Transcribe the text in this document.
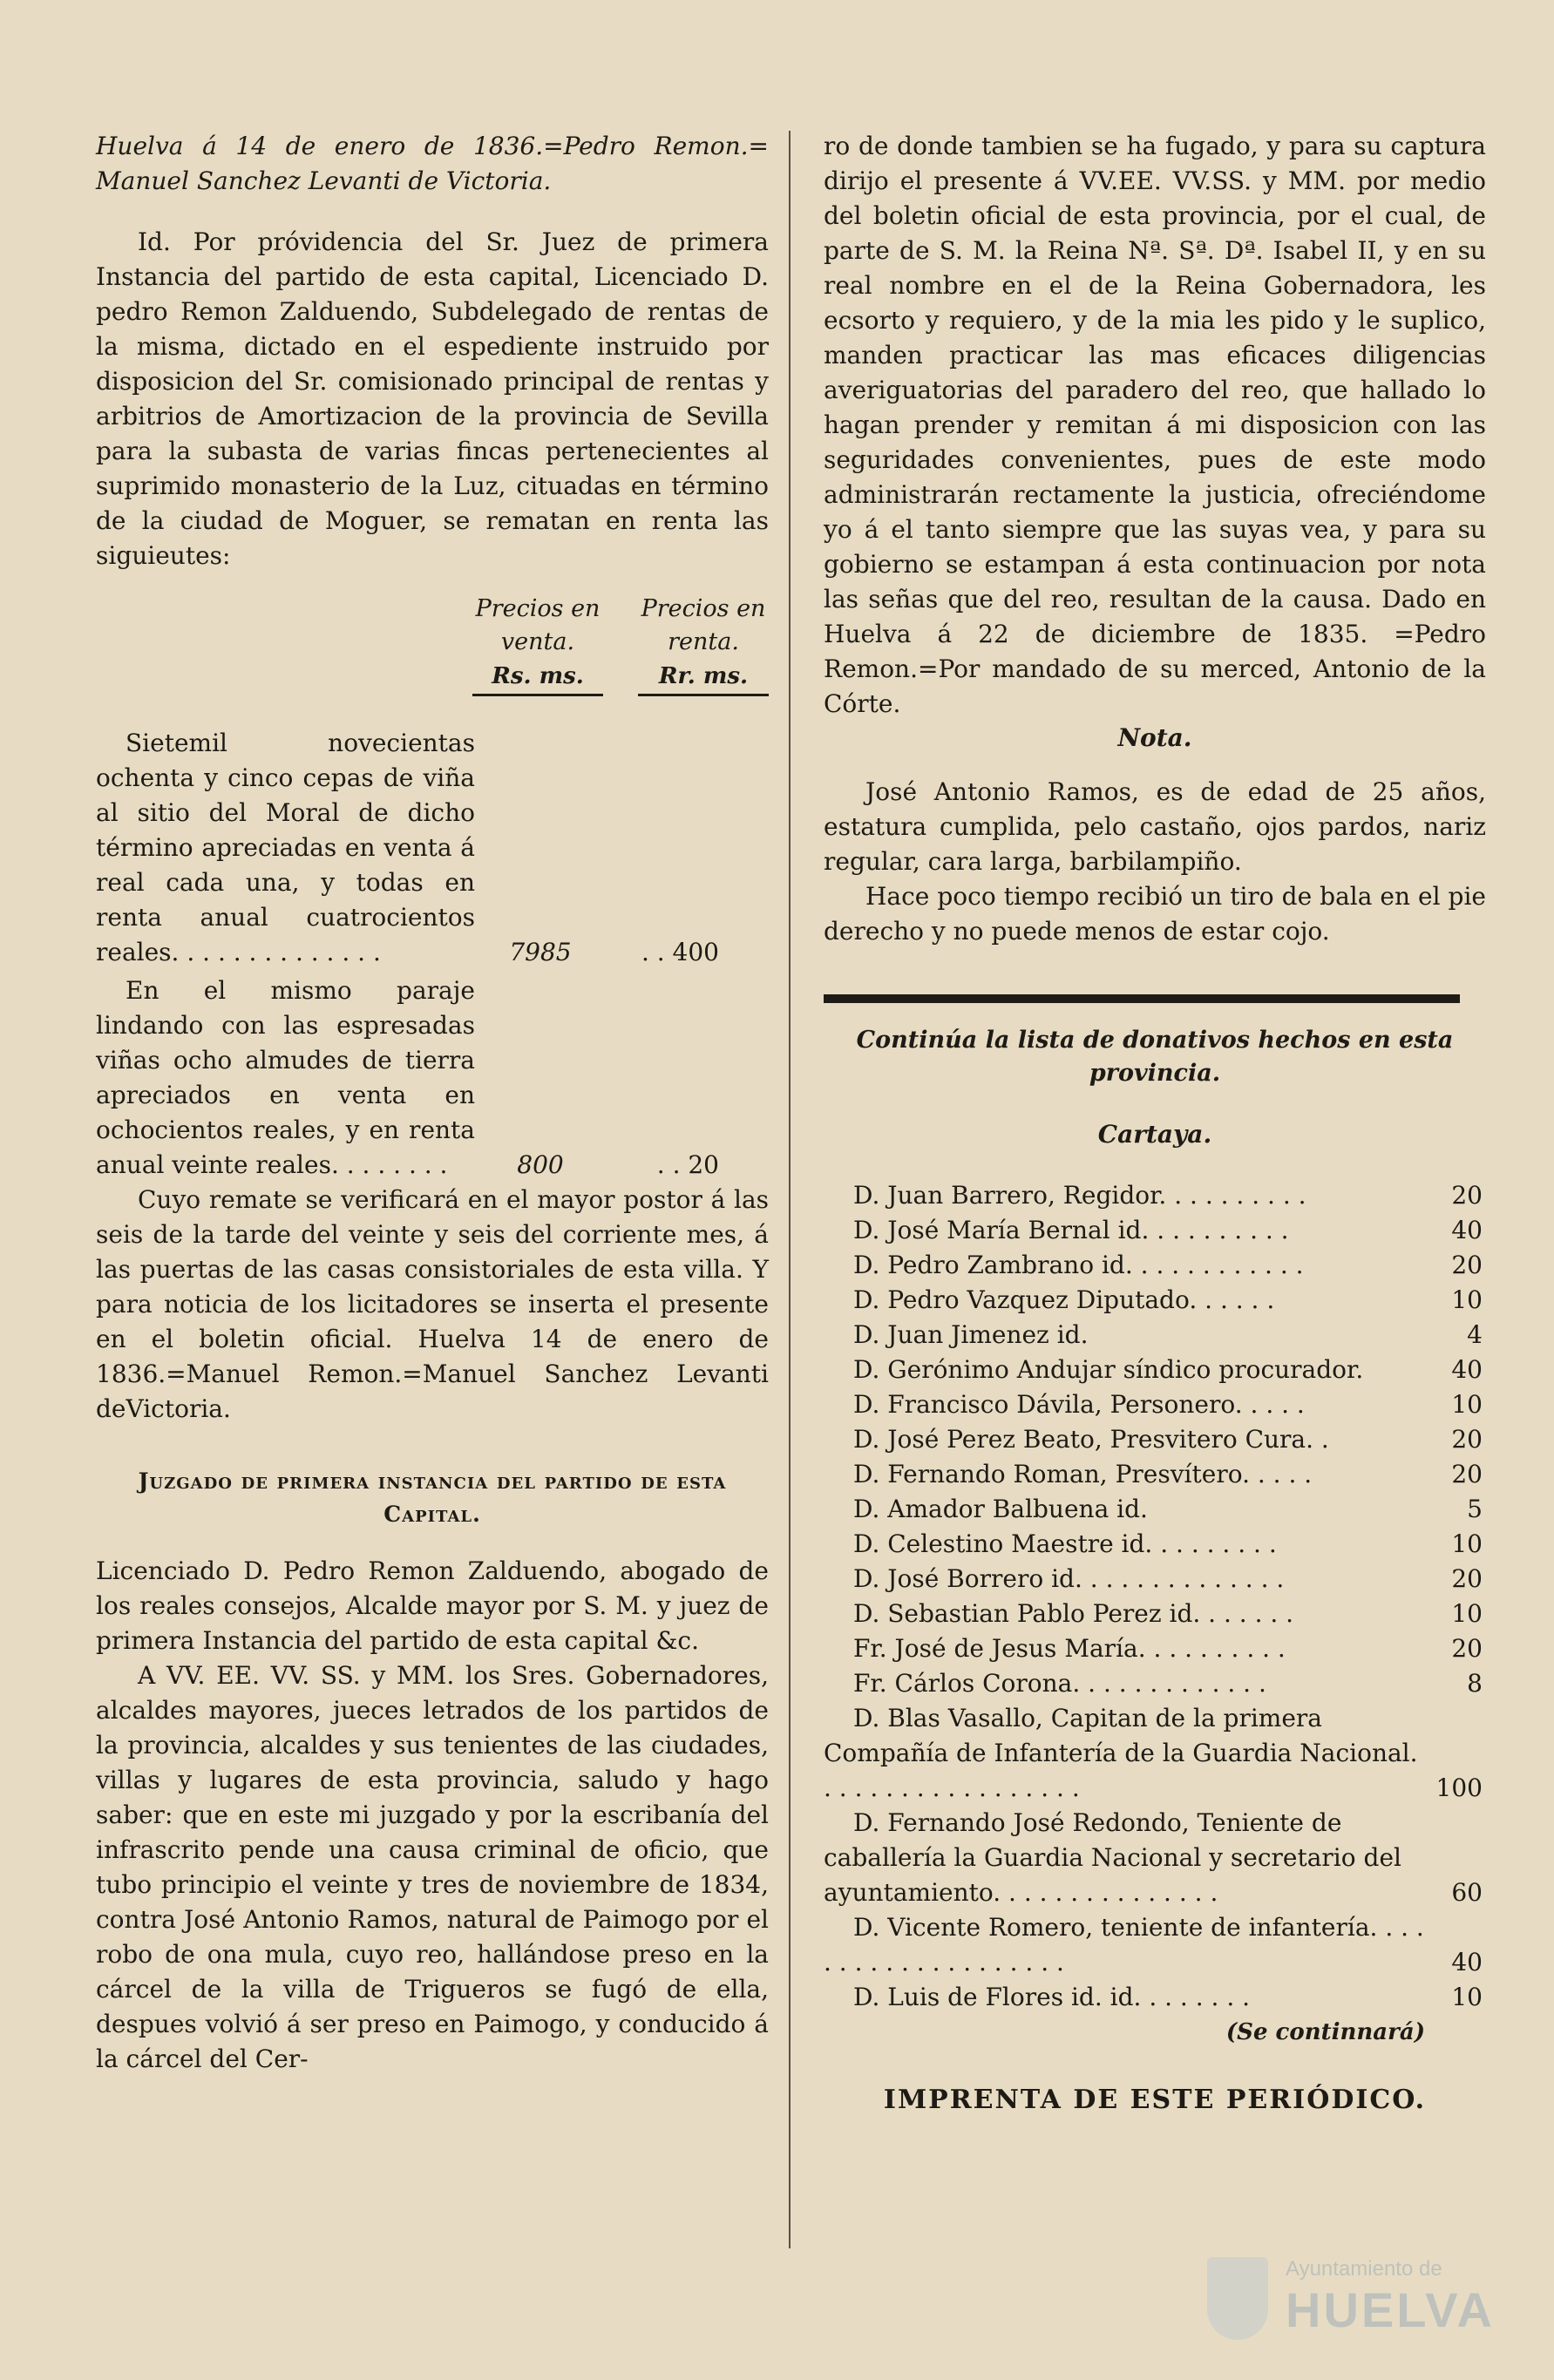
Huelva á 14 de enero de 1836.=Pedro Remon.= Manuel Sanchez Levanti de Victoria.

Id. Por próvidencia del Sr. Juez de primera Instancia del partido de esta capital, Licenciado D. pedro Remon Zalduendo, Subdelegado de rentas de la misma, dictado en el espediente instruido por disposicion del Sr. comisionado principal de rentas y arbitrios de Amortizacion de la provincia de Sevilla para la subasta de varias fincas pertenecientes al suprimido monasterio de la Luz, cituadas en término de la ciudad de Moguer, se rematan en renta las siguieutes:

Precios en venta.
Precios en renta.
Rs. ms.	Rr. ms.
Sietemil novecientas ochenta y cinco cepas de viña al sitio del Moral de dicho término apreciadas en venta á real cada una, y todas en renta anual cuatrocientos reales. . . . . . . . . . . . . .	7985	. . 400
En el mismo paraje lindando con las espresadas viñas ocho almudes de tierra apreciados en venta en ochocientos reales, y en renta anual veinte reales. . . . . . . .	800	. . 20

Cuyo remate se verificará en el mayor postor á las seis de la tarde del veinte y seis del corriente mes, á las puertas de las casas consistoriales de esta villa. Y para noticia de los licitadores se inserta el presente en el boletin oficial. Huelva 14 de enero de 1836.=Manuel Remon.=Manuel Sanchez Levanti deVictoria.

Juzgado de primera instancia del partido de esta Capital.

Licenciado D. Pedro Remon Zalduendo, abogado de los reales consejos, Alcalde mayor por S. M. y juez de primera Instancia del partido de esta capital &c.

A VV. EE. VV. SS. y MM. los Sres. Gobernadores, alcaldes mayores, jueces letrados de los partidos de la provincia, alcaldes y sus tenientes de las ciudades, villas y lugares de esta provincia, saludo y hago saber: que en este mi juzgado y por la escribanía del infrascrito pende una causa criminal de oficio, que tubo principio el veinte y tres de noviembre de 1834, contra José Antonio Ramos, natural de Paimogo por el robo de ona mula, cuyo reo, hallándose preso en la cárcel de la villa de Trigueros se fugó de ella, despues volvió á ser preso en Paimogo, y conducido á la cárcel del Cer-

ro de donde tambien se ha fugado, y para su captura dirijo el presente á VV.EE. VV.SS. y MM. por medio del boletin oficial de esta provincia, por el cual, de parte de S. M. la Reina Nª. Sª. Dª. Isabel II, y en su real nombre en el de la Reina Gobernadora, les ecsorto y requiero, y de la mia les pido y le suplico, manden practicar las mas eficaces diligencias averiguatorias del paradero del reo, que hallado lo hagan prender y remitan á mi disposicion con las seguridades convenientes, pues de este modo administrarán rectamente la justicia, ofreciéndome yo á el tanto siempre que las suyas vea, y para su gobierno se estampan á esta continuacion por nota las señas que del reo, resultan de la causa. Dado en Huelva á 22 de diciembre de 1835. =Pedro Remon.=Por mandado de su merced, Antonio de la Córte.

Nota.

José Antonio Ramos, es de edad de 25 años, estatura cumplida, pelo castaño, ojos pardos, nariz regular, cara larga, barbilampiño.

Hace poco tiempo recibió un tiro de bala en el pie derecho y no puede menos de estar cojo.

Continúa la lista de donativos hechos en esta provincia.
Cartaya.
D. Juan Barrero, Regidor. . . . . . . . . .	20
D. José María Bernal id. . . . . . . . . .	40
D. Pedro Zambrano id. . . . . . . . . . . .	20
D. Pedro Vazquez Diputado. . . . . .	10
D. Juan Jimenez id.	4
D. Gerónimo Andujar síndico procurador.	40
D. Francisco Dávila, Personero. . . . .	10
D. José Perez Beato, Presvitero Cura. .	20
D. Fernando Roman, Presvítero. . . . .	20
D. Amador Balbuena id.	5
D. Celestino Maestre id. . . . . . . . .	10
D. José Borrero id. . . . . . . . . . . . . .	20
D. Sebastian Pablo Perez id. . . . . . .	10
Fr. José de Jesus María. . . . . . . . . .	20
Fr. Cárlos Corona. . . . . . . . . . . . .	8
D. Blas Vasallo, Capitan de la primera Compañía de Infantería de la Guardia Nacional. . . . . . . . . . . . . . . . . .	100
D. Fernando José Redondo, Teniente de caballería la Guardia Nacional y secretario del ayuntamiento. . . . . . . . . . . . . . .	60
D. Vicente Romero, teniente de infantería. . . . . . . . . . . . . . . . . . . .	40
D. Luis de Flores id. id. . . . . . . .	10
(Se continnará)
IMPRENTA DE ESTE PERIÓDICO.
Ayuntamiento de
HUELVA
